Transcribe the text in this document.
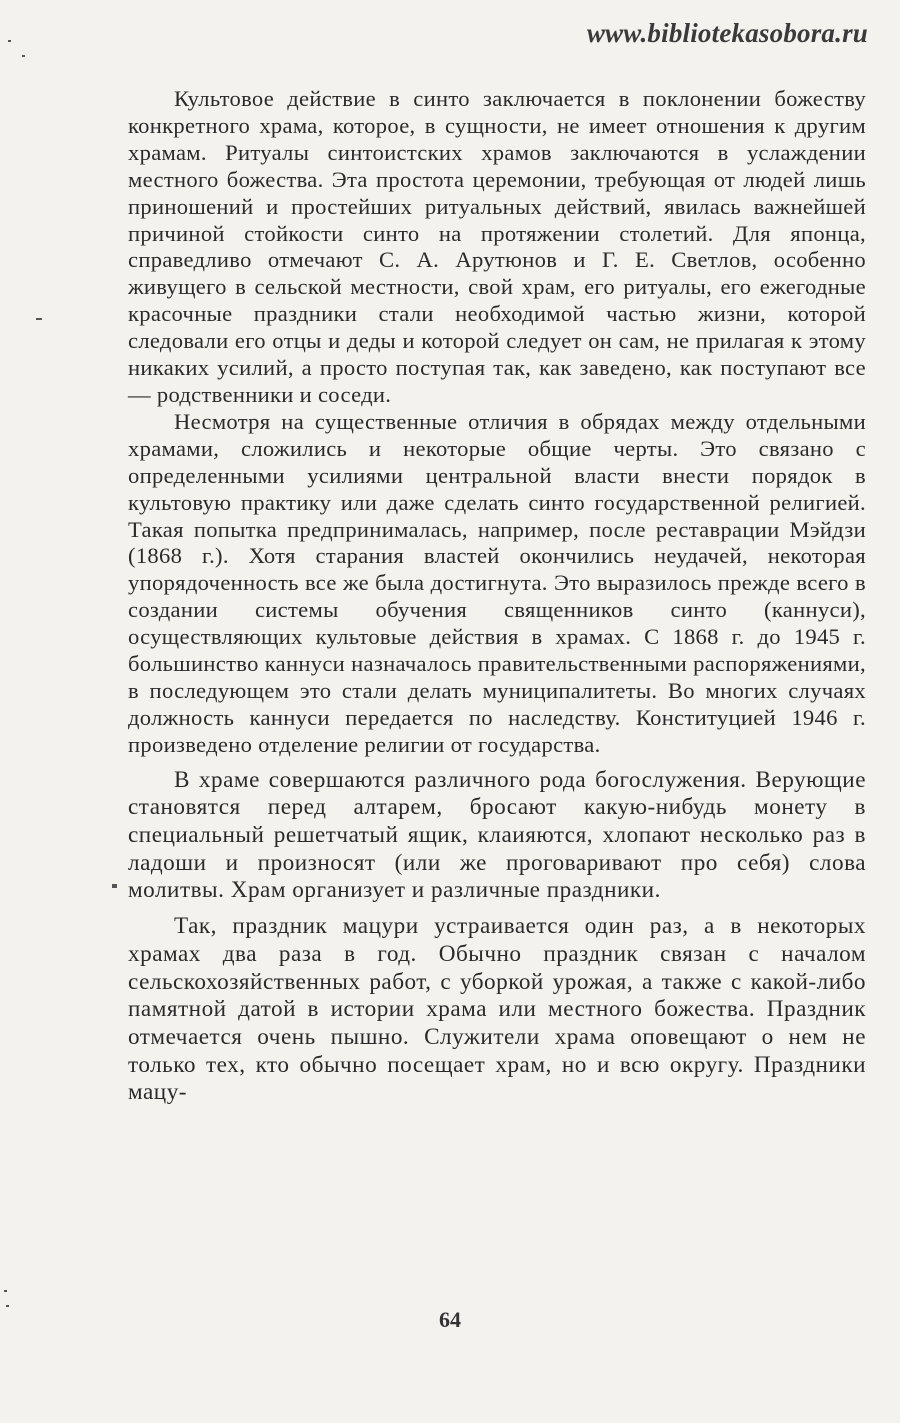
www.bibliotekasobora.ru

Культовое действие в синто заключается в поклонении божеству конкретного храма, которое, в сущности, не имеет отношения к другим храмам. Ритуалы синтоистских храмов заключаются в услаждении местного божества. Эта простота церемонии, требующая от людей лишь приношений и простейших ритуальных действий, явилась важнейшей причиной стойкости синто на протяжении столетий. Для японца, справедливо отмечают С. А. Арутюнов и Г. Е. Светлов, особенно живущего в сельской местности, свой храм, его ритуалы, его ежегодные красочные праздники стали необходимой частью жизни, которой следовали его отцы и деды и которой следует он сам, не прилагая к этому никаких усилий, а просто поступая так, как заведено, как поступают все — родственники и соседи.

Несмотря на существенные отличия в обрядах между отдельными храмами, сложились и некоторые общие черты. Это связано с определенными усилиями центральной власти внести порядок в культовую практику или даже сделать синто государственной религией. Такая попытка предпринималась, например, после реставрации Мэйдзи (1868 г.). Хотя старания властей окончились неудачей, некоторая упорядоченность все же была достигнута. Это выразилось прежде всего в создании системы обучения священников синто (каннуси), осуществляющих культовые действия в храмах. С 1868 г. до 1945 г. большинство каннуси назначалось правительственными распоряжениями, в последующем это стали делать муниципалитеты. Во многих случаях должность каннуси передается по наследству. Конституцией 1946 г. произведено отделение религии от государства.

В храме совершаются различного рода богослужения. Верующие становятся перед алтарем, бросают какую-нибудь монету в специальный решетчатый ящик, клаияются, хлопают несколько раз в ладоши и произносят (или же проговаривают про себя) слова молитвы. Храм организует и различные праздники.

Так, праздник мацури устраивается один раз, а в некоторых храмах два раза в год. Обычно праздник связан с началом сельскохозяйственных работ, с уборкой урожая, а также с какой-либо памятной датой в истории храма или местного божества. Праздник отмечается очень пышно. Служители храма оповещают о нем не только тех, кто обычно посещает храм, но и всю округу. Праздники мацу-

64
